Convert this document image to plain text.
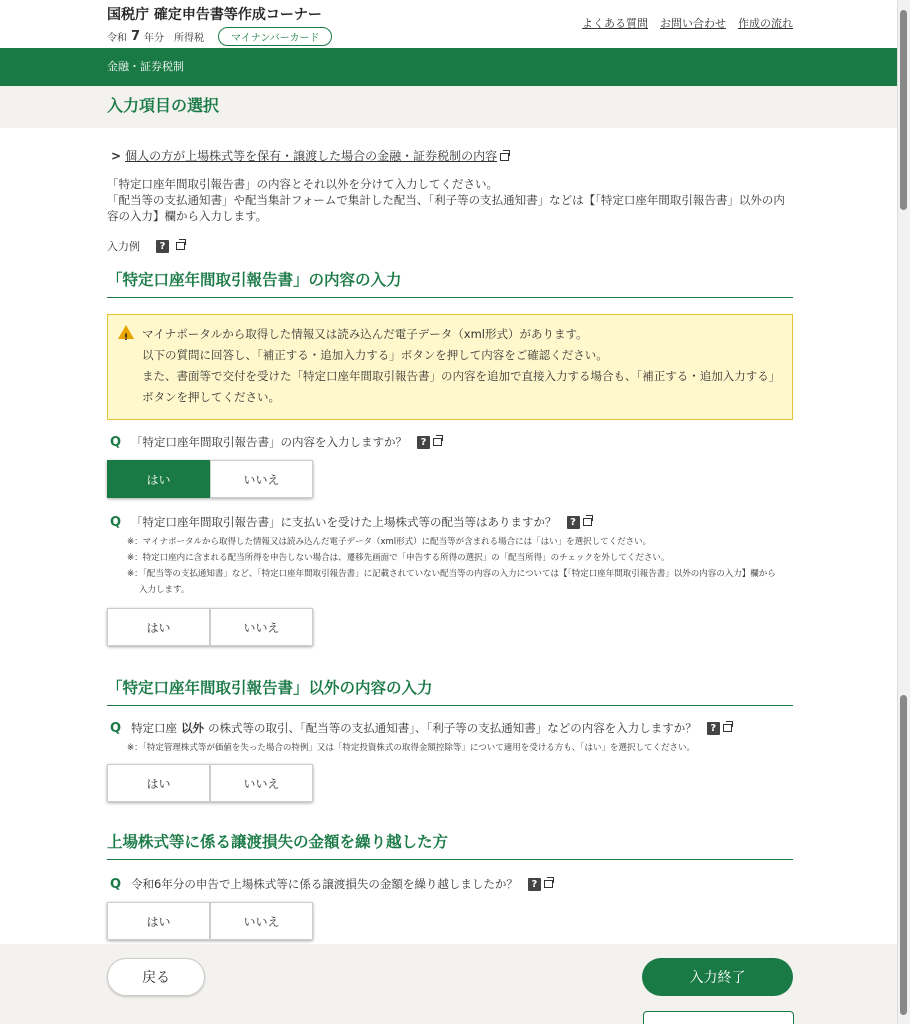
国税庁 確定申告書等作成コーナー
令和 7 年分 所得税	マイナンバーカード
よくある質問 お問い合わせ 作成の流れ
金融・証券税制
入力項目の選択
> 個人の方が上場株式等を保有・譲渡した場合の金融・証券税制の内容
「特定口座年間取引報告書」の内容とそれ以外を分けて入力してください。
「配当等の支払通知書」や配当集計フォームで集計した配当、「利子等の支払通知書」などは【「特定口座年間取引報告書」以外の内容の入力】欄から入力します。
入力例	?
「特定口座年間取引報告書」の内容の入力
! マイナポータルから取得した情報又は読み込んだ電子データ（xml形式）があります。
以下の質問に回答し、「補正する・追加入力する」ボタンを押して内容をご確認ください。
また、書面等で交付を受けた「特定口座年間取引報告書」の内容を追加で直接入力する場合も、「補正する・追加入力する」
ボタンを押してください。
Q 「特定口座年間取引報告書」の内容を入力しますか？	?
はい	いいえ
Q 「特定口座年間取引報告書」に支払いを受けた上場株式等の配当等はありますか？	?
※：マイナポータルから取得した情報又は読み込んだ電子データ（xml形式）に配当等が含まれる場合には「はい」を選択してください。
※：特定口座内に含まれる配当所得を申告しない場合は、遷移先画面で「申告する所得の選択」の「配当所得」のチェックを外してください。
※：「配当等の支払通知書」など、「特定口座年間取引報告書」に記載されていない配当等の内容の入力については【「特定口座年間取引報告書」以外の内容の入力】欄から
入力します。
はい	いいえ
「特定口座年間取引報告書」以外の内容の入力
Q 特定口座 以外 の株式等の取引、「配当等の支払通知書」、「利子等の支払通知書」などの内容を入力しますか？	?
※：「特定管理株式等が価値を失った場合の特例」又は「特定投資株式の取得金額控除等」について適用を受ける方も、「はい」を選択してください。
はい	いいえ
上場株式等に係る譲渡損失の金額を繰り越した方
Q 令和6年分の申告で上場株式等に係る譲渡損失の金額を繰り越しましたか？	?
はい	いいえ
戻る	入力終了
